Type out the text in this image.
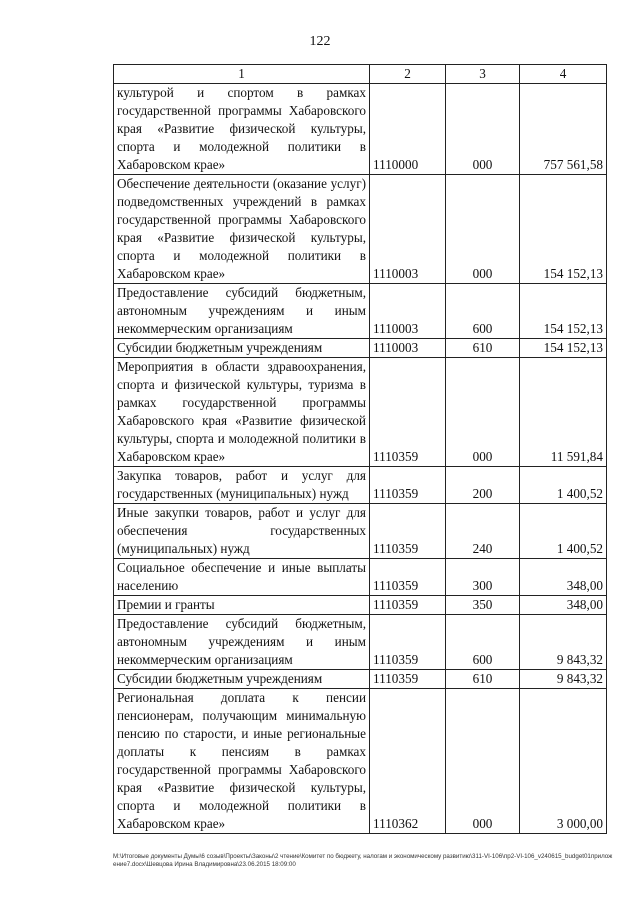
122
1	2	3	4
культурой и спортом в рамках государственной программы Хабаровского края «Развитие физической культуры, спорта и молодежной политики в Хабаровском крае»	1110000	000	757 561,58
Обеспечение деятельности (оказание услуг) подведомственных учреждений в рамках государственной программы Хабаровского края «Развитие физической культуры, спорта и молодежной политики в Хабаровском крае»	1110003	000	154 152,13
Предоставление субсидий бюджетным, автономным учреждениям и иным некоммерческим организациям	1110003	600	154 152,13
Субсидии бюджетным учреждениям	1110003	610	154 152,13
Мероприятия в области здравоохранения, спорта и физической культуры, туризма в рамках государственной программы Хабаровского края «Развитие физической культуры, спорта и молодежной политики в Хабаровском крае»	1110359	000	11 591,84
Закупка товаров, работ и услуг для государственных (муниципальных) нужд	1110359	200	1 400,52
Иные закупки товаров, работ и услуг для обеспечения государственных (муниципальных) нужд	1110359	240	1 400,52
Социальное обеспечение и иные выплаты населению	1110359	300	348,00
Премии и гранты	1110359	350	348,00
Предоставление субсидий бюджетным, автономным учреждениям и иным некоммерческим организациям	1110359	600	9 843,32
Субсидии бюджетным учреждениям	1110359	610	9 843,32
Региональная доплата к пенсии пенсионерам, получающим минимальную пенсию по старости, и иные региональные доплаты к пенсиям в рамках государственной программы Хабаровского края «Развитие физической культуры, спорта и молодежной политики в Хабаровском крае»	1110362	000	3 000,00
M:\Итоговые документы Думы\6 созыв\Проекты\Законы\2 чтение\Комитет по бюджету, налогам и экономическому развитию\311-VI-106\пр2-VI-106_v240615_budget01приложение7.docx\Шевцова Ирина Владимировна\23.06.2015 18:09:00
